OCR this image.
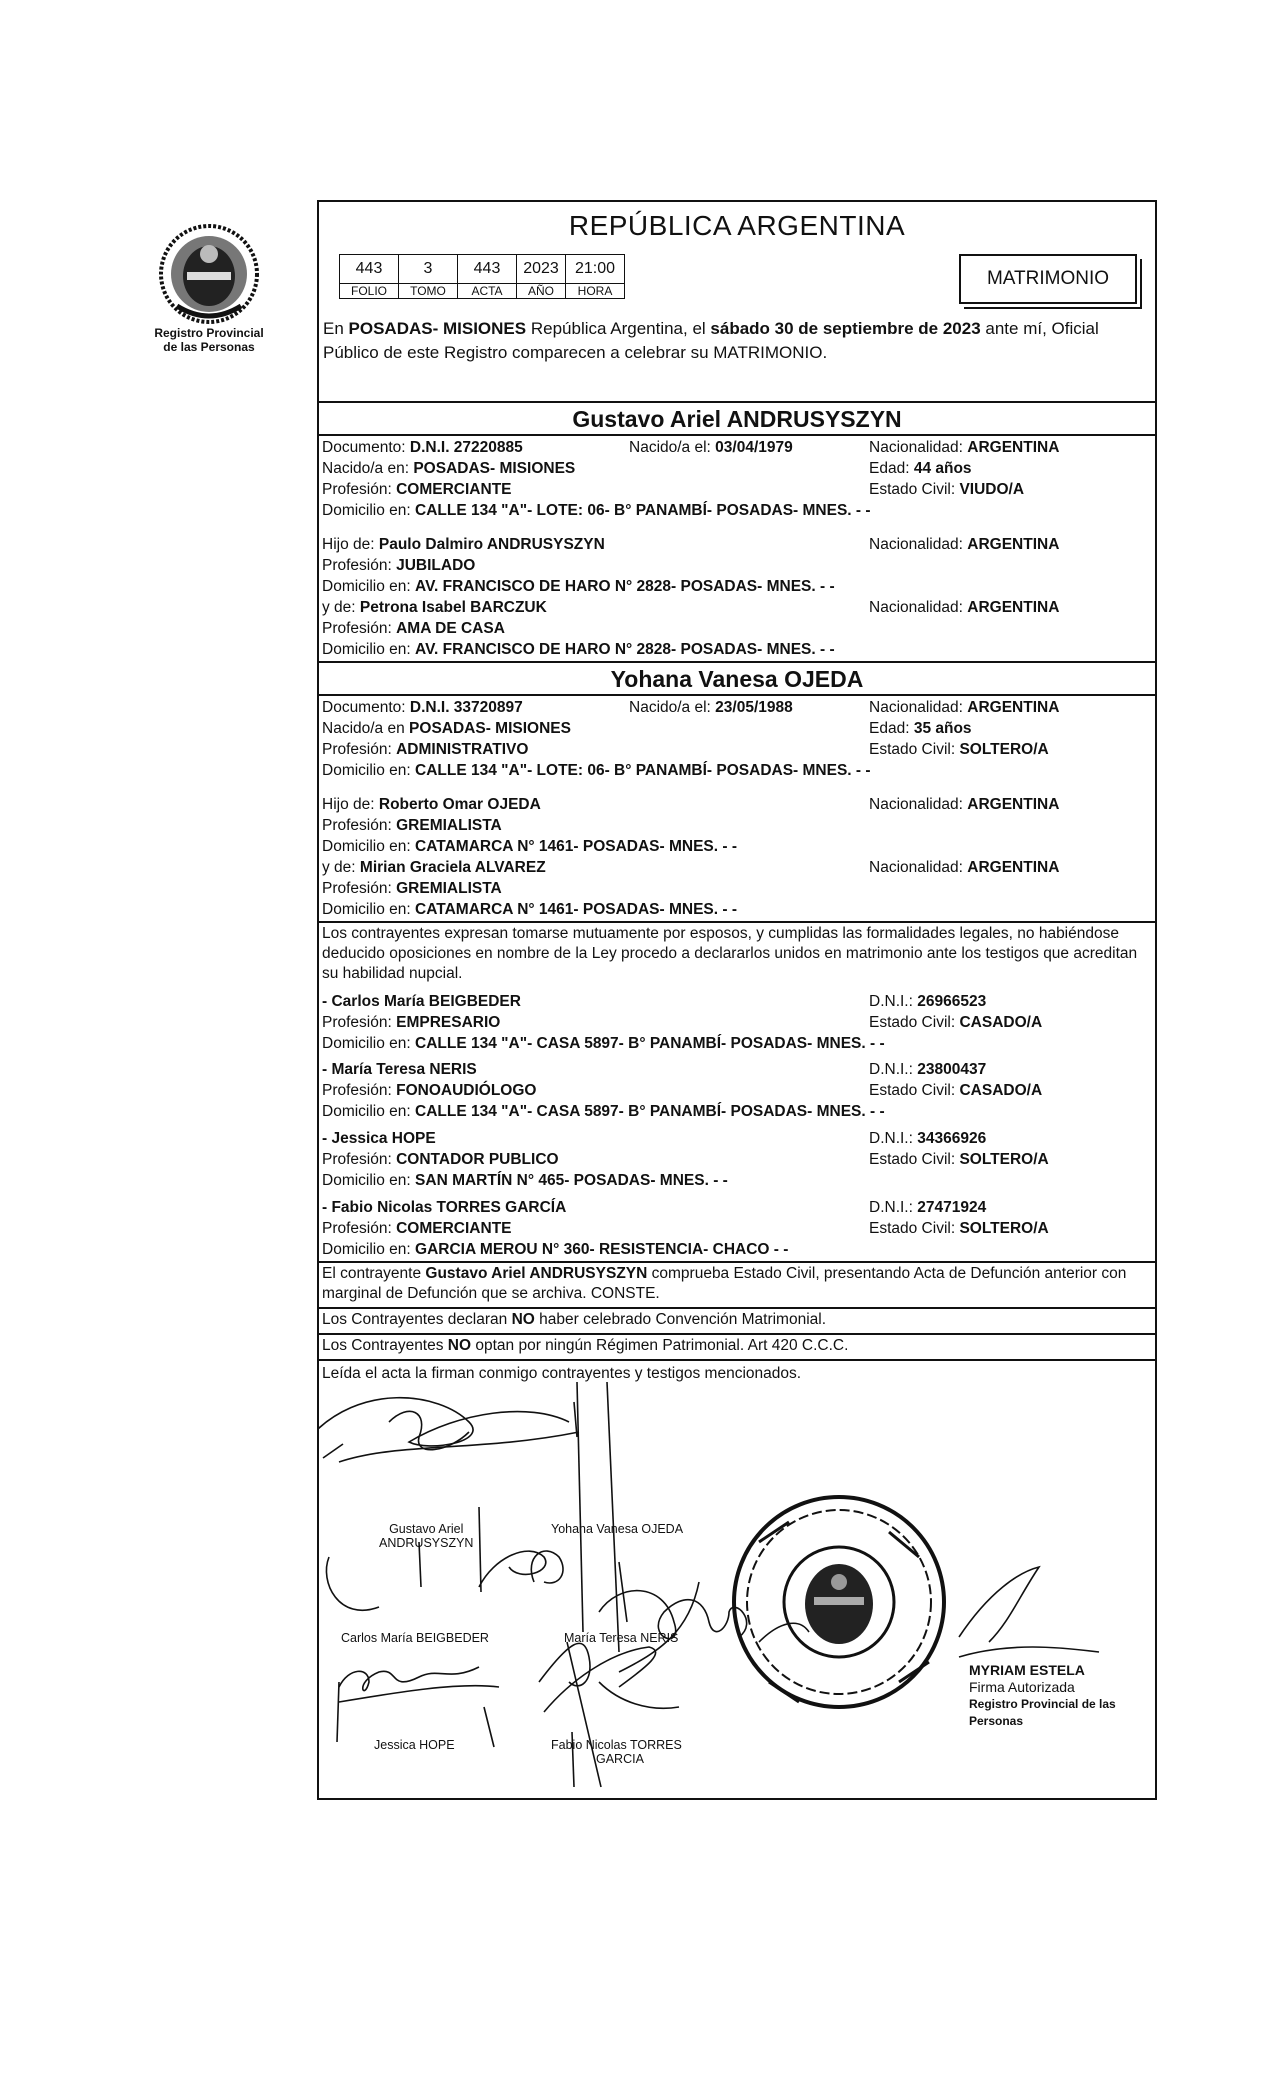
Registro Provincial
de las Personas
REPÚBLICA ARGENTINA
443	3	443	2023	21:00
FOLIO	TOMO	ACTA	AÑO	HORA
MATRIMONIO
En POSADAS- MISIONES República Argentina, el sábado 30 de septiembre de 2023 ante mí, Oficial Público de este Registro comparecen a celebrar su MATRIMONIO.
Gustavo Ariel ANDRUSYSZYN
Documento: D.N.I. 27220885	Nacido/a el: 03/04/1979	Nacionalidad: ARGENTINA
Nacido/a en: POSADAS- MISIONES	Edad: 44 años
Profesión: COMERCIANTE	Estado Civil: VIUDO/A
Domicilio en: CALLE 134 "A"- LOTE: 06- B° PANAMBÍ- POSADAS- MNES. - -
Hijo de: Paulo Dalmiro ANDRUSYSZYN	Nacionalidad: ARGENTINA
Profesión: JUBILADO
Domicilio en: AV. FRANCISCO DE HARO N° 2828- POSADAS- MNES. - -
y de: Petrona Isabel BARCZUK	Nacionalidad: ARGENTINA
Profesión: AMA DE CASA
Domicilio en: AV. FRANCISCO DE HARO N° 2828- POSADAS- MNES. - -
Yohana Vanesa OJEDA
Documento: D.N.I. 33720897	Nacido/a el: 23/05/1988	Nacionalidad: ARGENTINA
Nacido/a en POSADAS- MISIONES	Edad: 35 años
Profesión: ADMINISTRATIVO	Estado Civil: SOLTERO/A
Domicilio en: CALLE 134 "A"- LOTE: 06- B° PANAMBÍ- POSADAS- MNES. - -
Hijo de: Roberto Omar OJEDA	Nacionalidad: ARGENTINA
Profesión: GREMIALISTA
Domicilio en: CATAMARCA N° 1461- POSADAS- MNES. - -
y de: Mirian Graciela ALVAREZ	Nacionalidad: ARGENTINA
Profesión: GREMIALISTA
Domicilio en: CATAMARCA N° 1461- POSADAS- MNES. - -
Los contrayentes expresan tomarse mutuamente por esposos, y cumplidas las formalidades legales, no habiéndose deducido oposiciones en nombre de la Ley procedo a declararlos unidos en matrimonio ante los testigos que acreditan su habilidad nupcial.
- Carlos María BEIGBEDER	D.N.I.: 26966523
Profesión: EMPRESARIO	Estado Civil: CASADO/A
Domicilio en: CALLE 134 "A"- CASA 5897- B° PANAMBÍ- POSADAS- MNES. - -
- María Teresa NERIS	D.N.I.: 23800437
Profesión: FONOAUDIÓLOGO	Estado Civil: CASADO/A
Domicilio en: CALLE 134 "A"- CASA 5897- B° PANAMBÍ- POSADAS- MNES. - -
- Jessica HOPE	D.N.I.: 34366926
Profesión: CONTADOR PUBLICO	Estado Civil: SOLTERO/A
Domicilio en: SAN MARTÍN N° 465- POSADAS- MNES. - -
- Fabio Nicolas TORRES GARCÍA	D.N.I.: 27471924
Profesión: COMERCIANTE	Estado Civil: SOLTERO/A
Domicilio en: GARCIA MEROU N° 360- RESISTENCIA- CHACO - -
El contrayente Gustavo Ariel ANDRUSYSZYN comprueba Estado Civil, presentando Acta de Defunción anterior con marginal de Defunción que se archiva. CONSTE.
Los Contrayentes declaran NO haber celebrado Convención Matrimonial.
Los Contrayentes NO optan por ningún Régimen Patrimonial. Art 420 C.C.C.
Leída el acta la firman conmigo contrayentes y testigos mencionados.
Gustavo Ariel
ANDRUSYSZYN
Yohana Vanesa OJEDA
Carlos María BEIGBEDER	María Teresa NERIS
Jessica HOPE	Fabio Nicolas TORRES
GARCIA
MYRIAM ESTELA
Firma Autorizada
Registro Provincial de las Personas
